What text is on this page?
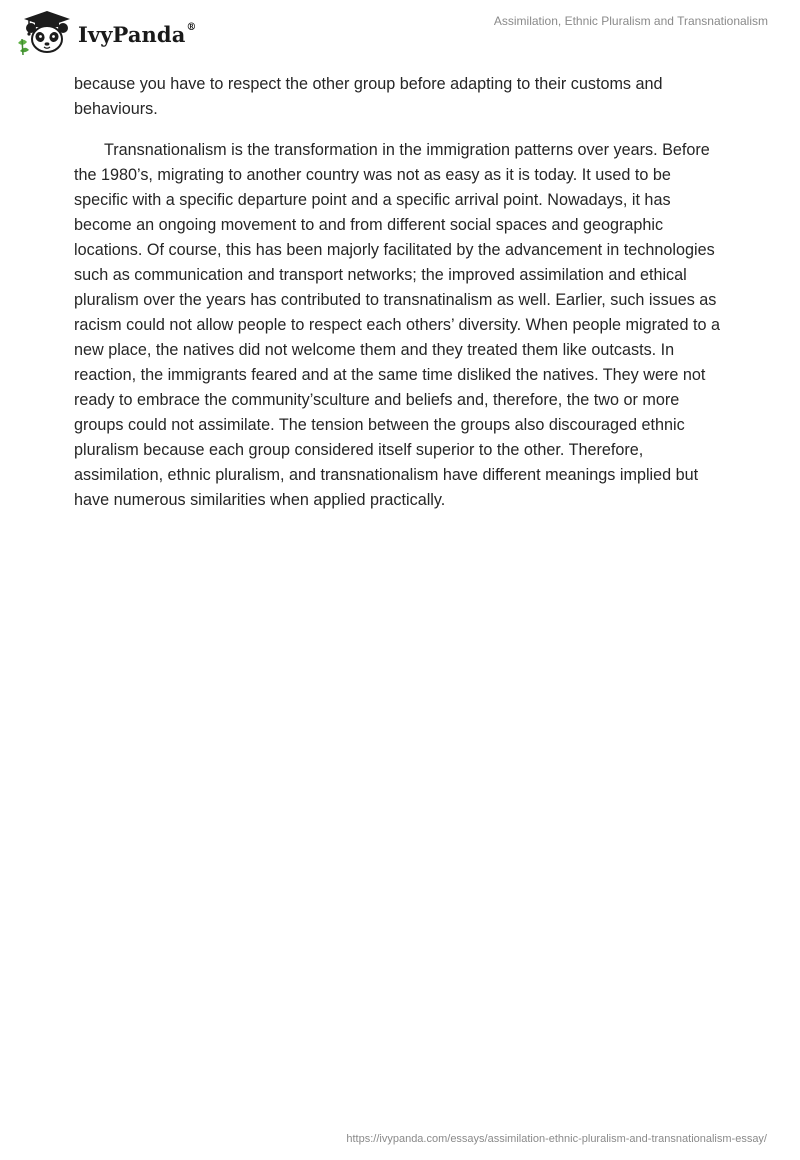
IvyPanda®	Assimilation, Ethnic Pluralism and Transnationalism

because you have to respect the other group before adapting to their customs and behaviours.

Transnationalism is the transformation in the immigration patterns over years. Before the 1980’s, migrating to another country was not as easy as it is today. It used to be specific with a specific departure point and a specific arrival point. Nowadays, it has become an ongoing movement to and from different social spaces and geographic locations. Of course, this has been majorly facilitated by the advancement in technologies such as communication and transport networks; the improved assimilation and ethical pluralism over the years has contributed to transnatinalism as well. Earlier, such issues as racism could not allow people to respect each others’ diversity. When people migrated to a new place, the natives did not welcome them and they treated them like outcasts. In reaction, the immigrants feared and at the same time disliked the natives. They were not ready to embrace the community’sculture and beliefs and, therefore, the two or more groups could not assimilate. The tension between the groups also discouraged ethnic pluralism because each group considered itself superior to the other. Therefore, assimilation, ethnic pluralism, and transnationalism have different meanings implied but have numerous similarities when applied practically.

https://ivypanda.com/essays/assimilation-ethnic-pluralism-and-transnationalism-essay/
